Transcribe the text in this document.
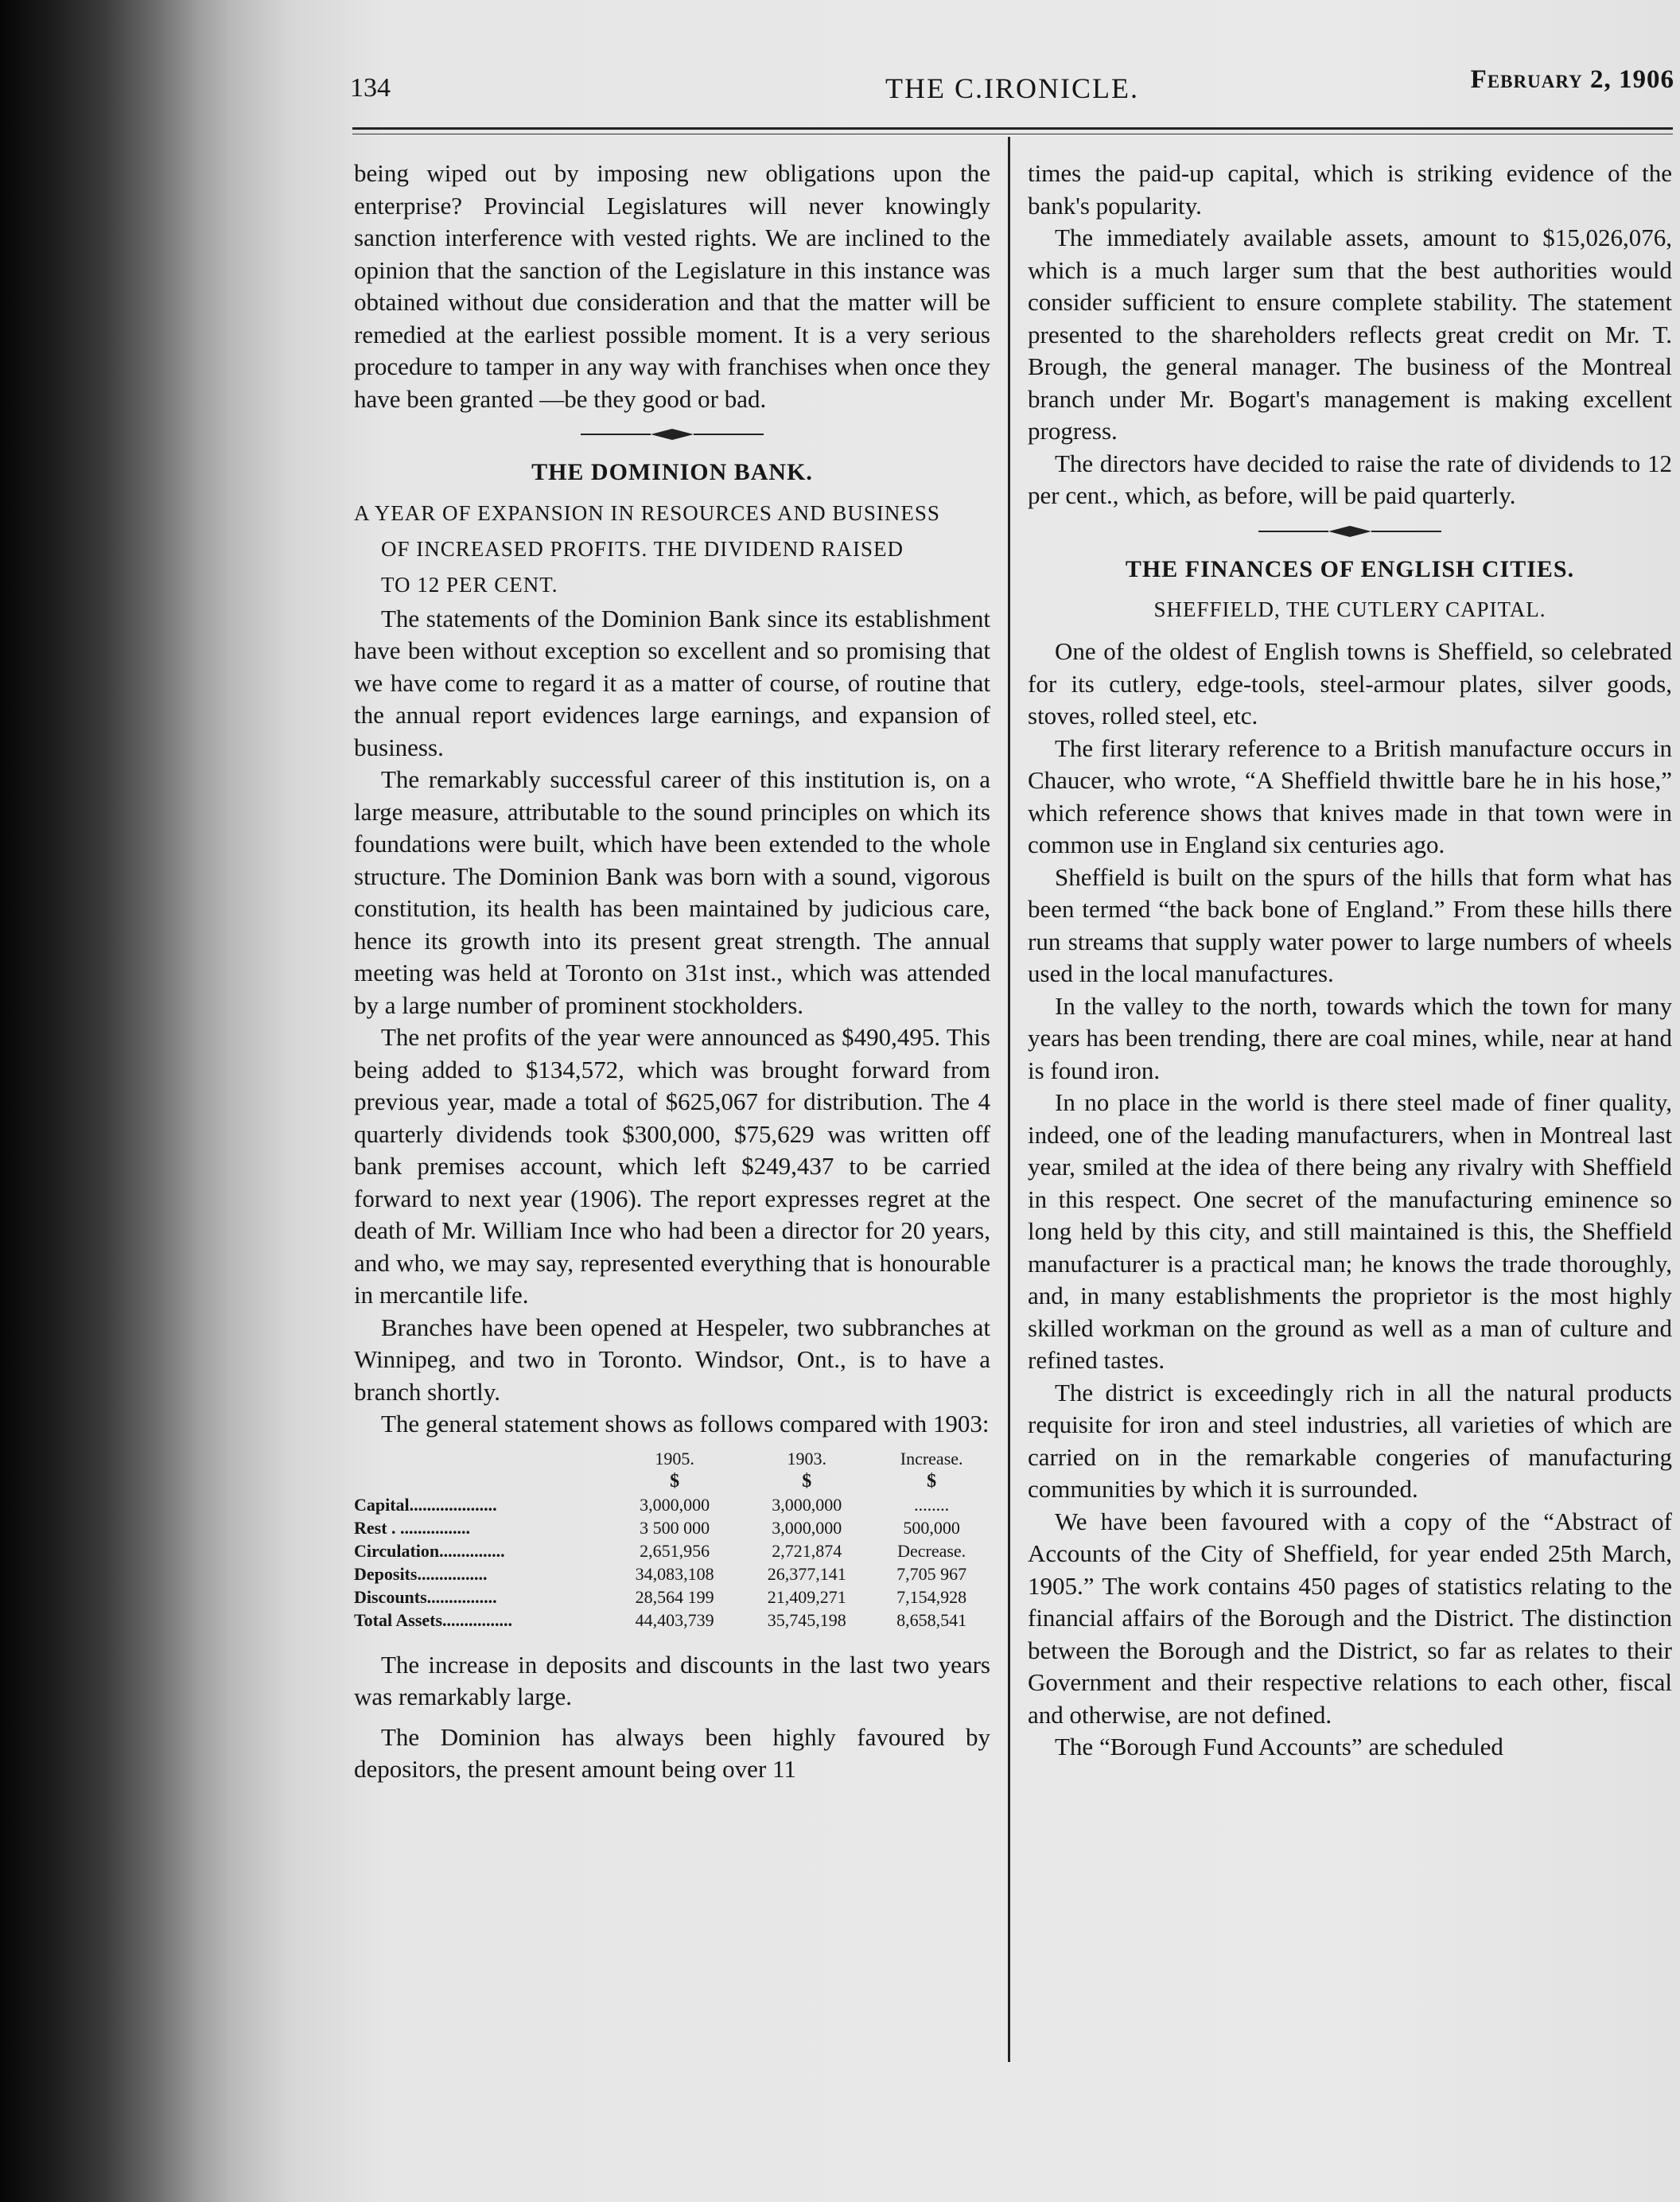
134	THE C.IRONICLE.	February 2, 1906

being wiped out by imposing new obligations upon the enterprise? Provincial Legislatures will never knowingly sanction interference with vested rights. We are inclined to the opinion that the sanction of the Legislature in this instance was obtained without due consideration and that the matter will be remedied at the earliest possible moment. It is a very serious procedure to tamper in any way with franchises when once they have been granted —be they good or bad.

THE DOMINION BANK.
A YEAR OF EXPANSION IN RESOURCES AND BUSINESS
OF INCREASED PROFITS. THE DIVIDEND RAISED
TO 12 PER CENT.

The statements of the Dominion Bank since its establishment have been without exception so excellent and so promising that we have come to regard it as a matter of course, of routine that the annual report evidences large earnings, and expansion of business.

The remarkably successful career of this institution is, on a large measure, attributable to the sound principles on which its foundations were built, which have been extended to the whole structure. The Dominion Bank was born with a sound, vigorous constitution, its health has been maintained by judicious care, hence its growth into its present great strength. The annual meeting was held at Toronto on 31st inst., which was attended by a large number of prominent stockholders.

The net profits of the year were announced as $490,495. This being added to $134,572, which was brought forward from previous year, made a total of $625,067 for distribution. The 4 quarterly dividends took $300,000, $75,629 was written off bank premises account, which left $249,437 to be carried forward to next year (1906). The report expresses regret at the death of Mr. William Ince who had been a director for 20 years, and who, we may say, represented everything that is honourable in mercantile life.

Branches have been opened at Hespeler, two subbranches at Winnipeg, and two in Toronto. Windsor, Ont., is to have a branch shortly.

The general statement shows as follows compared with 1903:

	1905.	1903.	Increase.
	$	$	$
Capital....................	3,000,000	3,000,000	........
Rest . ................	3 500 000	3,000,000	500,000
Circulation...............	2,651,956	2,721,874	Decrease.
Deposits................	34,083,108	26,377,141	7,705 967
Discounts................	28,564 199	21,409,271	7,154,928
Total Assets................	44,403,739	35,745,198	8,658,541

The increase in deposits and discounts in the last two years was remarkably large.

The Dominion has always been highly favoured by depositors, the present amount being over 11

times the paid-up capital, which is striking evidence of the bank's popularity.

The immediately available assets, amount to $15,026,076, which is a much larger sum that the best authorities would consider sufficient to ensure complete stability. The statement presented to the shareholders reflects great credit on Mr. T. Brough, the general manager. The business of the Montreal branch under Mr. Bogart's management is making excellent progress.

The directors have decided to raise the rate of dividends to 12 per cent., which, as before, will be paid quarterly.

THE FINANCES OF ENGLISH CITIES.
SHEFFIELD, THE CUTLERY CAPITAL.

One of the oldest of English towns is Sheffield, so celebrated for its cutlery, edge-tools, steel-armour plates, silver goods, stoves, rolled steel, etc.

The first literary reference to a British manufacture occurs in Chaucer, who wrote, “A Sheffield thwittle bare he in his hose,” which reference shows that knives made in that town were in common use in England six centuries ago.

Sheffield is built on the spurs of the hills that form what has been termed “the back bone of England.” From these hills there run streams that supply water power to large numbers of wheels used in the local manufactures.

In the valley to the north, towards which the town for many years has been trending, there are coal mines, while, near at hand is found iron.

In no place in the world is there steel made of finer quality, indeed, one of the leading manufacturers, when in Montreal last year, smiled at the idea of there being any rivalry with Sheffield in this respect. One secret of the manufacturing eminence so long held by this city, and still maintained is this, the Sheffield manufacturer is a practical man; he knows the trade thoroughly, and, in many establishments the proprietor is the most highly skilled workman on the ground as well as a man of culture and refined tastes.

The district is exceedingly rich in all the natural products requisite for iron and steel industries, all varieties of which are carried on in the remarkable congeries of manufacturing communities by which it is surrounded.

We have been favoured with a copy of the “Abstract of Accounts of the City of Sheffield, for year ended 25th March, 1905.” The work contains 450 pages of statistics relating to the financial affairs of the Borough and the District. The distinction between the Borough and the District, so far as relates to their Government and their respective relations to each other, fiscal and otherwise, are not defined.

The “Borough Fund Accounts” are scheduled
